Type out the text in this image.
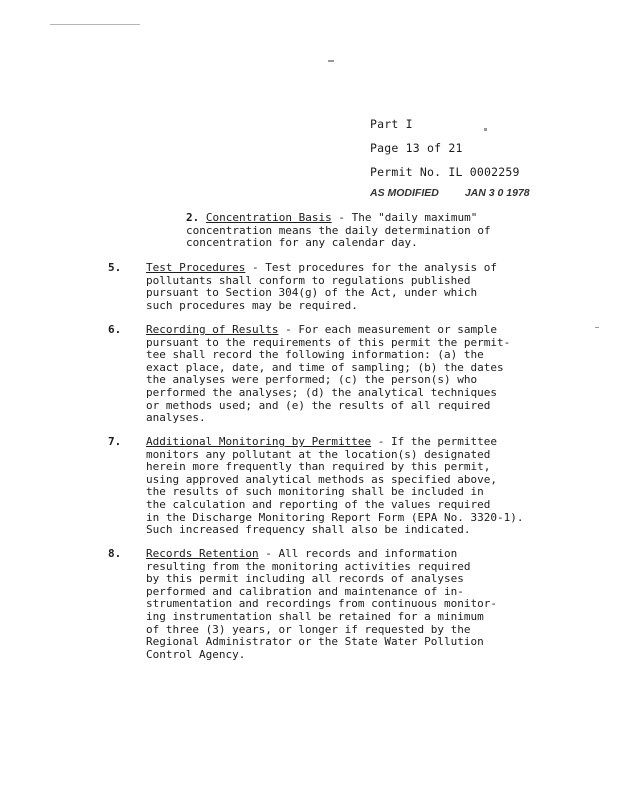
Part I
Page 13 of 21
Permit No. IL 0002259
AS MODIFIED JAN 3 0 1978
2. Concentration Basis - The "daily maximum"
concentration means the daily determination of
concentration for any calendar day.
5. Test Procedures - Test procedures for the analysis of
pollutants shall conform to regulations published
pursuant to Section 304(g) of the Act, under which
such procedures may be required.
6. Recording of Results - For each measurement or sample
pursuant to the requirements of this permit the permit-
tee shall record the following information: (a) the
exact place, date, and time of sampling; (b) the dates
the analyses were performed; (c) the person(s) who
performed the analyses; (d) the analytical techniques
or methods used; and (e) the results of all required
analyses.
7. Additional Monitoring by Permittee - If the permittee
monitors any pollutant at the location(s) designated
herein more frequently than required by this permit,
using approved analytical methods as specified above,
the results of such monitoring shall be included in
the calculation and reporting of the values required
in the Discharge Monitoring Report Form (EPA No. 3320-1).
Such increased frequency shall also be indicated.
8. Records Retention - All records and information
resulting from the monitoring activities required
by this permit including all records of analyses
performed and calibration and maintenance of in-
strumentation and recordings from continuous monitor-
ing instrumentation shall be retained for a minimum
of three (3) years, or longer if requested by the
Regional Administrator or the State Water Pollution
Control Agency.
